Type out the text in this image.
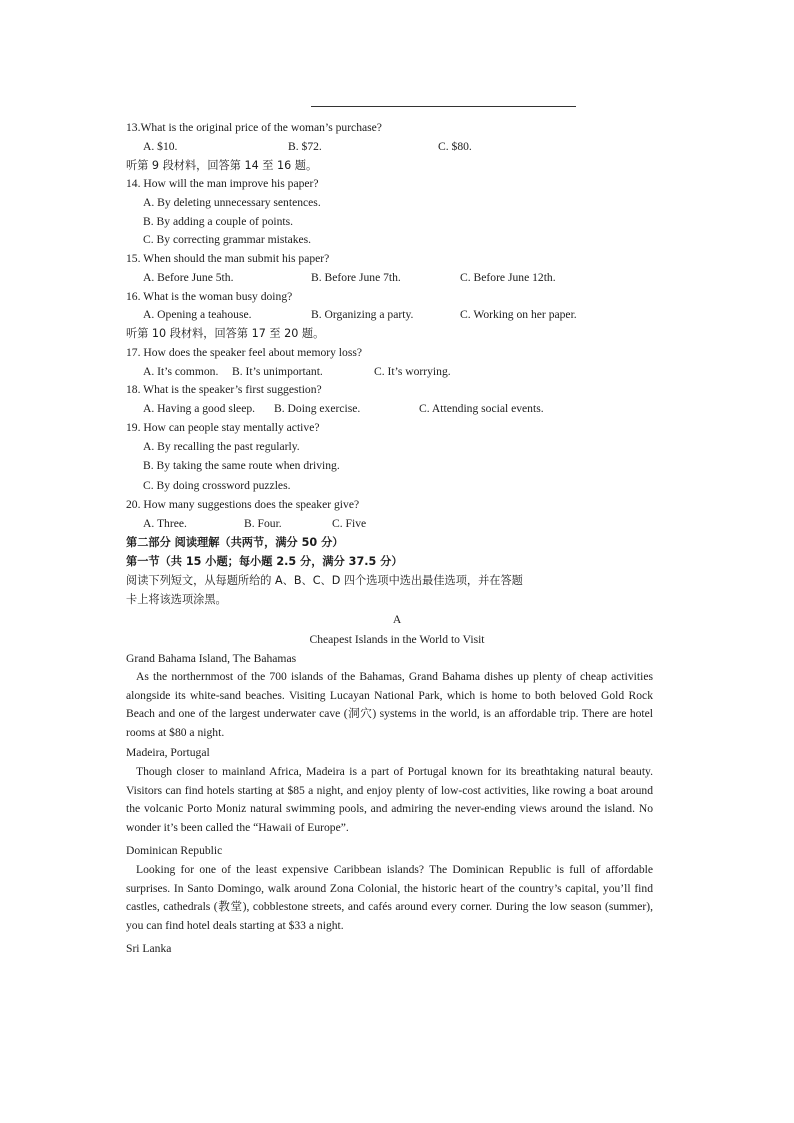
13.What is the original price of the woman’s purchase?
A. $10.	B. $72.	C. $80.
听第 9 段材料，回答第 14 至 16 题。
14. How will the man improve his paper?
A. By deleting unnecessary sentences.
B. By adding a couple of points.
C. By correcting grammar mistakes.
15. When should the man submit his paper?
A. Before June 5th.	B. Before June 7th.	C. Before June 12th.
16. What is the woman busy doing?
A. Opening a teahouse.	B. Organizing a party.	C. Working on her paper.
听第 10 段材料，回答第 17 至 20 题。
17. How does the speaker feel about memory loss?
A. It’s common. B. It’s unimportant.	C. It’s worrying.
18. What is the speaker’s first suggestion?
A. Having a good sleep. B. Doing exercise.	C. Attending social events.
19. How can people stay mentally active?
A. By recalling the past regularly.
B. By taking the same route when driving.
C. By doing crossword puzzles.
20. How many suggestions does the speaker give?
A. Three.	B. Four.	C. Five
第二部分 阅读理解（共两节，满分 50 分）
第一节（共 15 小题；每小题 2.5 分，满分 37.5 分）
阅读下列短文，从每题所给的 A、B、C、D 四个选项中选出最佳选项，并在答题
卡上将该选项涂黑。
A
Cheapest Islands in the World to Visit
Grand Bahama Island, The Bahamas
As the northernmost of the 700 islands of the Bahamas, Grand Bahama dishes up plenty of cheap activities alongside its white-sand beaches. Visiting Lucayan National Park, which is home to both beloved Gold Rock Beach and one of the largest underwater cave (洞穴) systems in the world, is an affordable trip. There are hotel rooms at $80 a night.
Madeira, Portugal
Though closer to mainland Africa, Madeira is a part of Portugal known for its breathtaking natural beauty. Visitors can find hotels starting at $85 a night, and enjoy plenty of low-cost activities, like rowing a boat around the volcanic Porto Moniz natural swimming pools, and admiring the never-ending views around the island. No wonder it’s been called the “Hawaii of Europe”.
Dominican Republic
Looking for one of the least expensive Caribbean islands? The Dominican Republic is full of affordable surprises. In Santo Domingo, walk around Zona Colonial, the historic heart of the country’s capital, you’ll find castles, cathedrals (教堂), cobblestone streets, and cafés around every corner. During the low season (summer), you can find hotel deals starting at $33 a night.
Sri Lanka
